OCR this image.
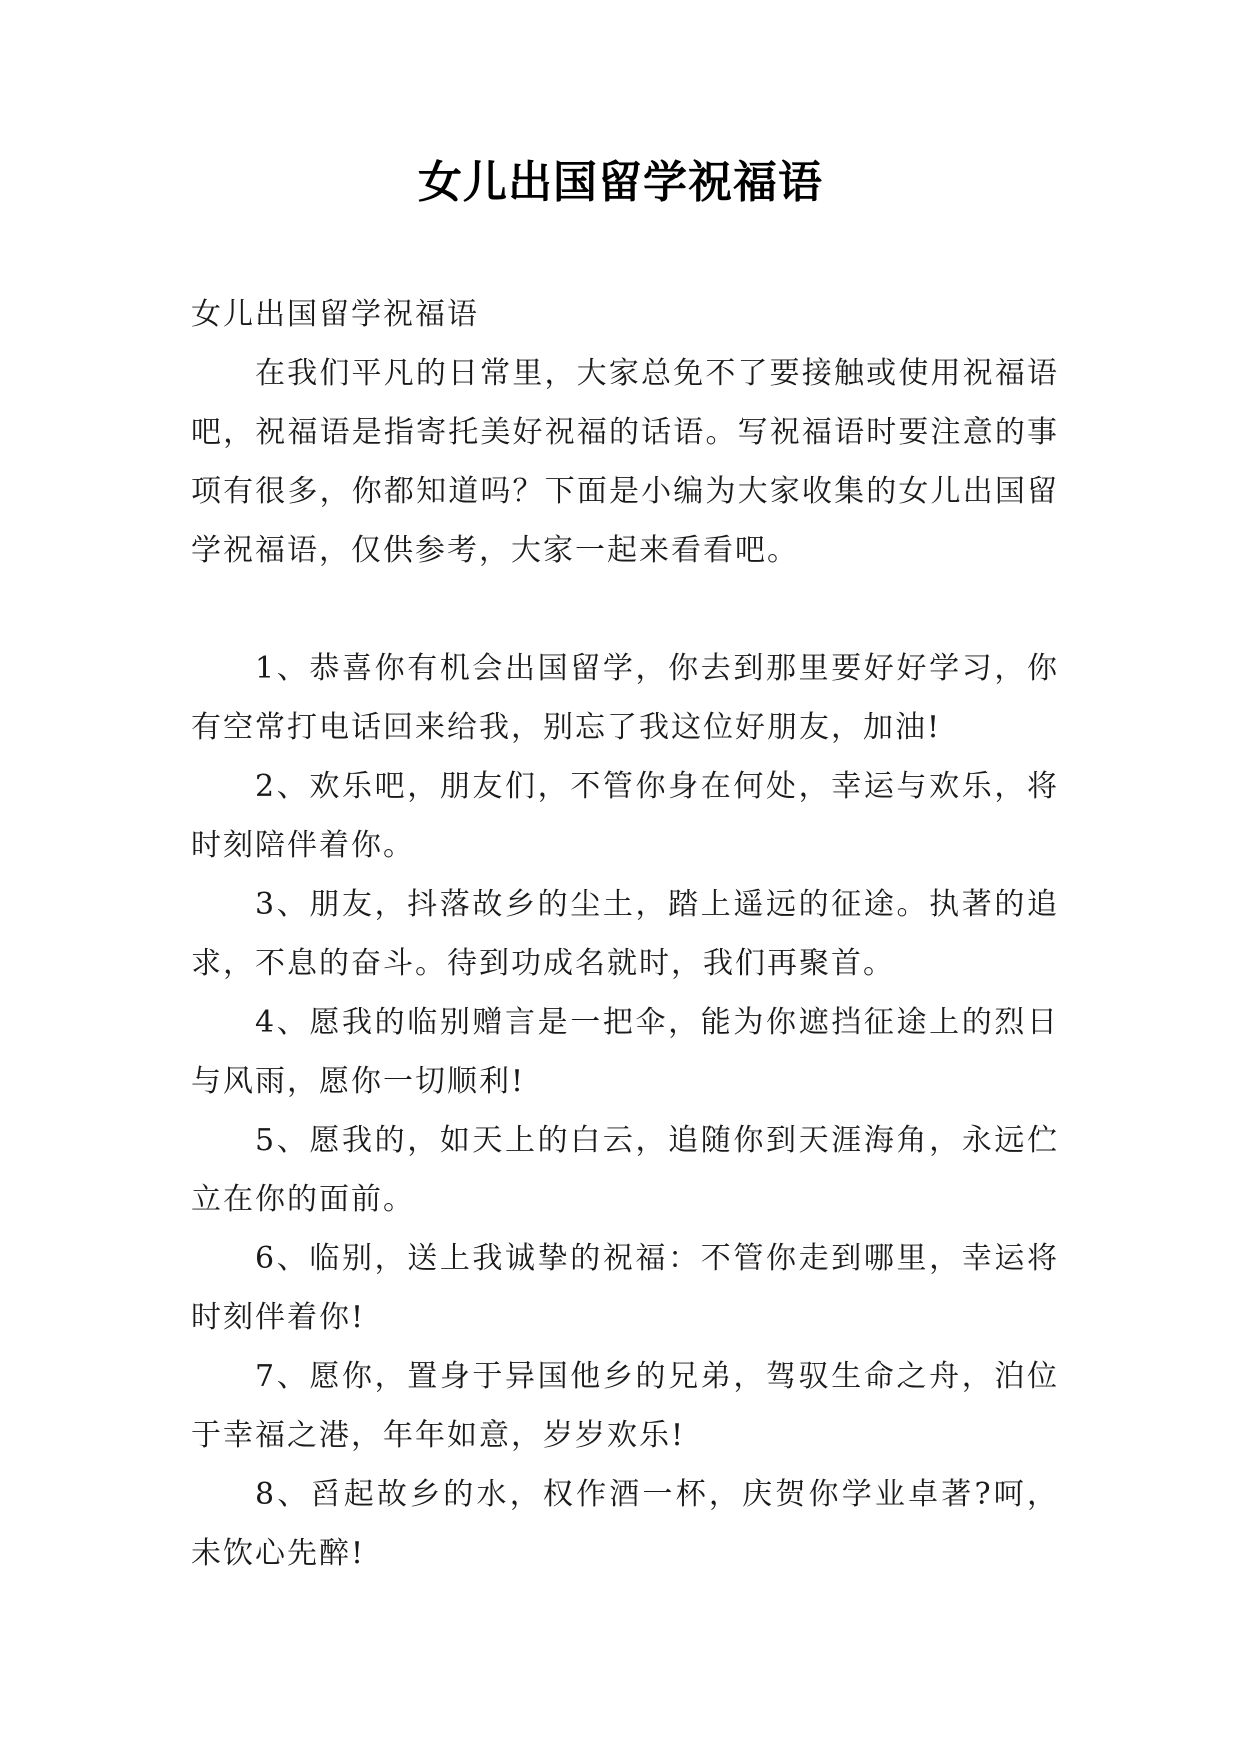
女儿出国留学祝福语

女儿出国留学祝福语

在我们平凡的日常里，大家总免不了要接触或使用祝福语吧，祝福语是指寄托美好祝福的话语。写祝福语时要注意的事项有很多，你都知道吗？下面是小编为大家收集的女儿出国留学祝福语，仅供参考，大家一起来看看吧。

1、恭喜你有机会出国留学，你去到那里要好好学习，你有空常打电话回来给我，别忘了我这位好朋友，加油!

2、欢乐吧，朋友们，不管你身在何处，幸运与欢乐，将时刻陪伴着你。

3、朋友，抖落故乡的尘土，踏上遥远的征途。执著的追求，不息的奋斗。待到功成名就时，我们再聚首。

4、愿我的临别赠言是一把伞，能为你遮挡征途上的烈日与风雨，愿你一切顺利!

5、愿我的，如天上的白云，追随你到天涯海角，永远伫立在你的面前。

6、临别，送上我诚挚的祝福：不管你走到哪里，幸运将时刻伴着你!

7、愿你，置身于异国他乡的兄弟，驾驭生命之舟，泊位于幸福之港，年年如意，岁岁欢乐!

8、舀起故乡的水，权作酒一杯，庆贺你学业卓著?呵，未饮心先醉!
